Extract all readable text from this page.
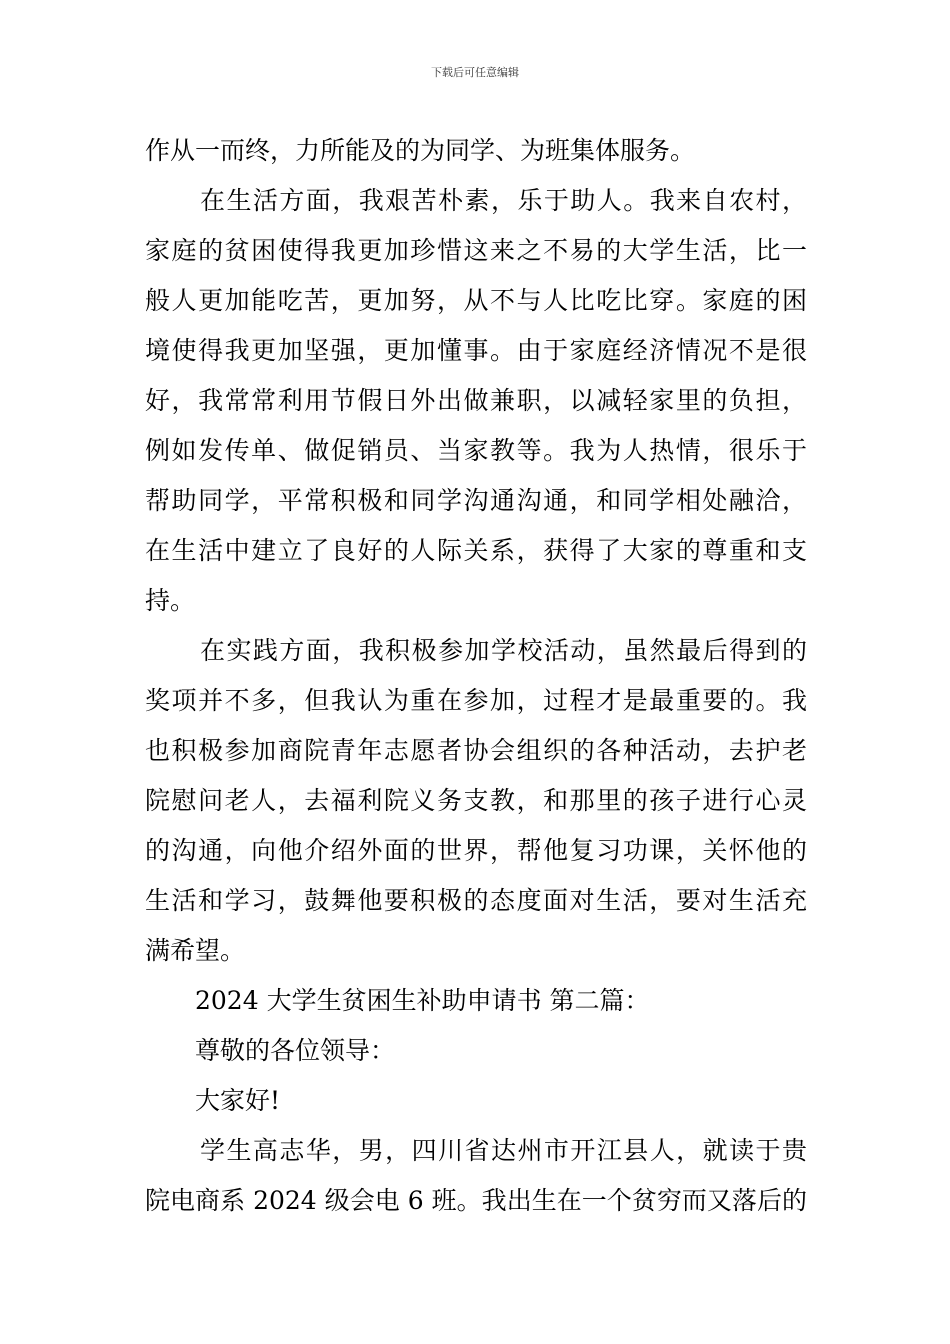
下载后可任意编辑
作从一而终，力所能及的为同学、为班集体服务。
在生活方面，我艰苦朴素，乐于助人。我来自农村，
家庭的贫困使得我更加珍惜这来之不易的大学生活，比一
般人更加能吃苦，更加努，从不与人比吃比穿。家庭的困
境使得我更加坚强，更加懂事。由于家庭经济情况不是很
好，我常常利用节假日外出做兼职，以减轻家里的负担，
例如发传单、做促销员、当家教等。我为人热情，很乐于
帮助同学，平常积极和同学沟通沟通，和同学相处融洽，
在生活中建立了良好的人际关系，获得了大家的尊重和支
持。
在实践方面，我积极参加学校活动，虽然最后得到的
奖项并不多，但我认为重在参加，过程才是最重要的。我
也积极参加商院青年志愿者协会组织的各种活动，去护老
院慰问老人，去福利院义务支教，和那里的孩子进行心灵
的沟通，向他介绍外面的世界，帮他复习功课，关怀他的
生活和学习，鼓舞他要积极的态度面对生活，要对生活充
满希望。
2024 大学生贫困生补助申请书 第二篇：
尊敬的各位领导：
大家好!
学生高志华，男，四川省达州市开江县人，就读于贵
院电商系 2024 级会电 6 班。我出生在一个贫穷而又落后的
